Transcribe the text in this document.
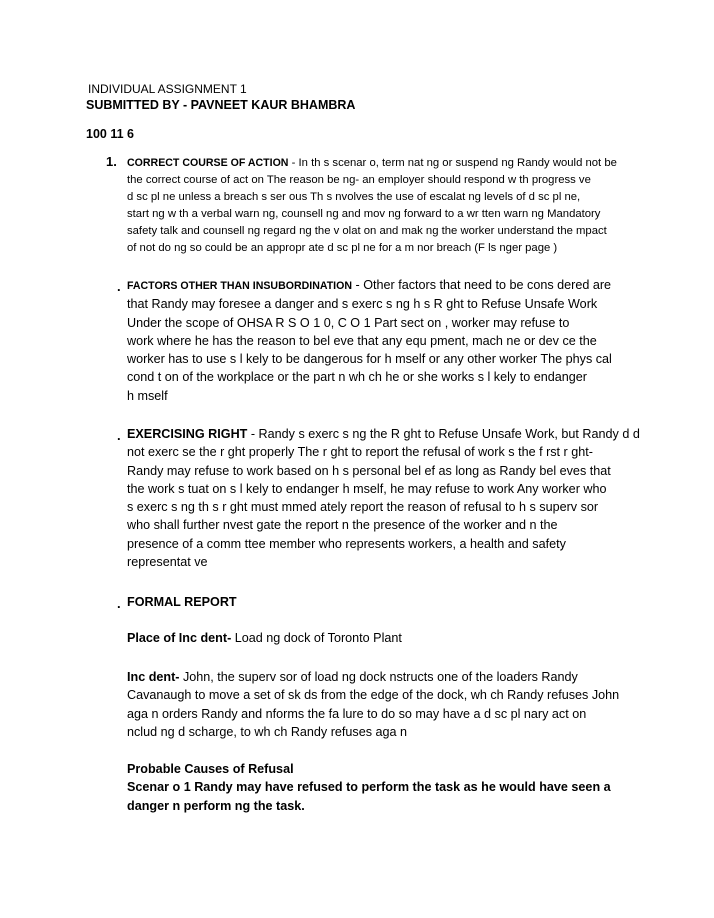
INDIVIDUAL ASSIGNMENT 1
SUBMITTED BY - PAVNEET KAUR BHAMBRA
100 11 6
1. CORRECT COURSE OF ACTION - In th s scenar o, term nat ng or suspend ng Randy would not be
the correct course of act on The reason be ng- an employer should respond w th progress ve
d sc pl ne unless a breach s ser ous Th s nvolves the use of escalat ng levels of d sc pl ne,
start ng w th a verbal warn ng, counsell ng and mov ng forward to a wr tten warn ng Mandatory
safety talk and counsell ng regard ng the v olat on and mak ng the worker understand the mpact
of not do ng so could be an appropr ate d sc pl ne for a m nor breach (F ls nger page )
. FACTORS OTHER THAN INSUBORDINATION - Other factors that need to be cons dered are
that Randy may foresee a danger and s exerc s ng h s R ght to Refuse Unsafe Work
Under the scope of OHSA R S O 1 0, C O 1 Part sect on , worker may refuse to
work where he has the reason to bel eve that any equ pment, mach ne or dev ce the
worker has to use s l kely to be dangerous for h mself or any other worker The phys cal
cond t on of the workplace or the part n wh ch he or she works s l kely to endanger
h mself
. EXERCISING RIGHT - Randy s exerc s ng the R ght to Refuse Unsafe Work, but Randy d d
not exerc se the r ght properly The r ght to report the refusal of work s the f rst r ght-
Randy may refuse to work based on h s personal bel ef as long as Randy bel eves that
the work s tuat on s l kely to endanger h mself, he may refuse to work Any worker who
s exerc s ng th s r ght must mmed ately report the reason of refusal to h s superv sor
who shall further nvest gate the report n the presence of the worker and n the
presence of a comm ttee member who represents workers, a health and safety
representat ve
. FORMAL REPORT
Place of Inc dent- Load ng dock of Toronto Plant
Inc dent- John, the superv sor of load ng dock nstructs one of the loaders Randy
Cavanaugh to move a set of sk ds from the edge of the dock, wh ch Randy refuses John
aga n orders Randy and nforms the fa lure to do so may have a d sc pl nary act on
nclud ng d scharge, to wh ch Randy refuses aga n
Probable Causes of Refusal
Scenar o 1 Randy may have refused to perform the task as he would have seen a
danger n perform ng the task.
